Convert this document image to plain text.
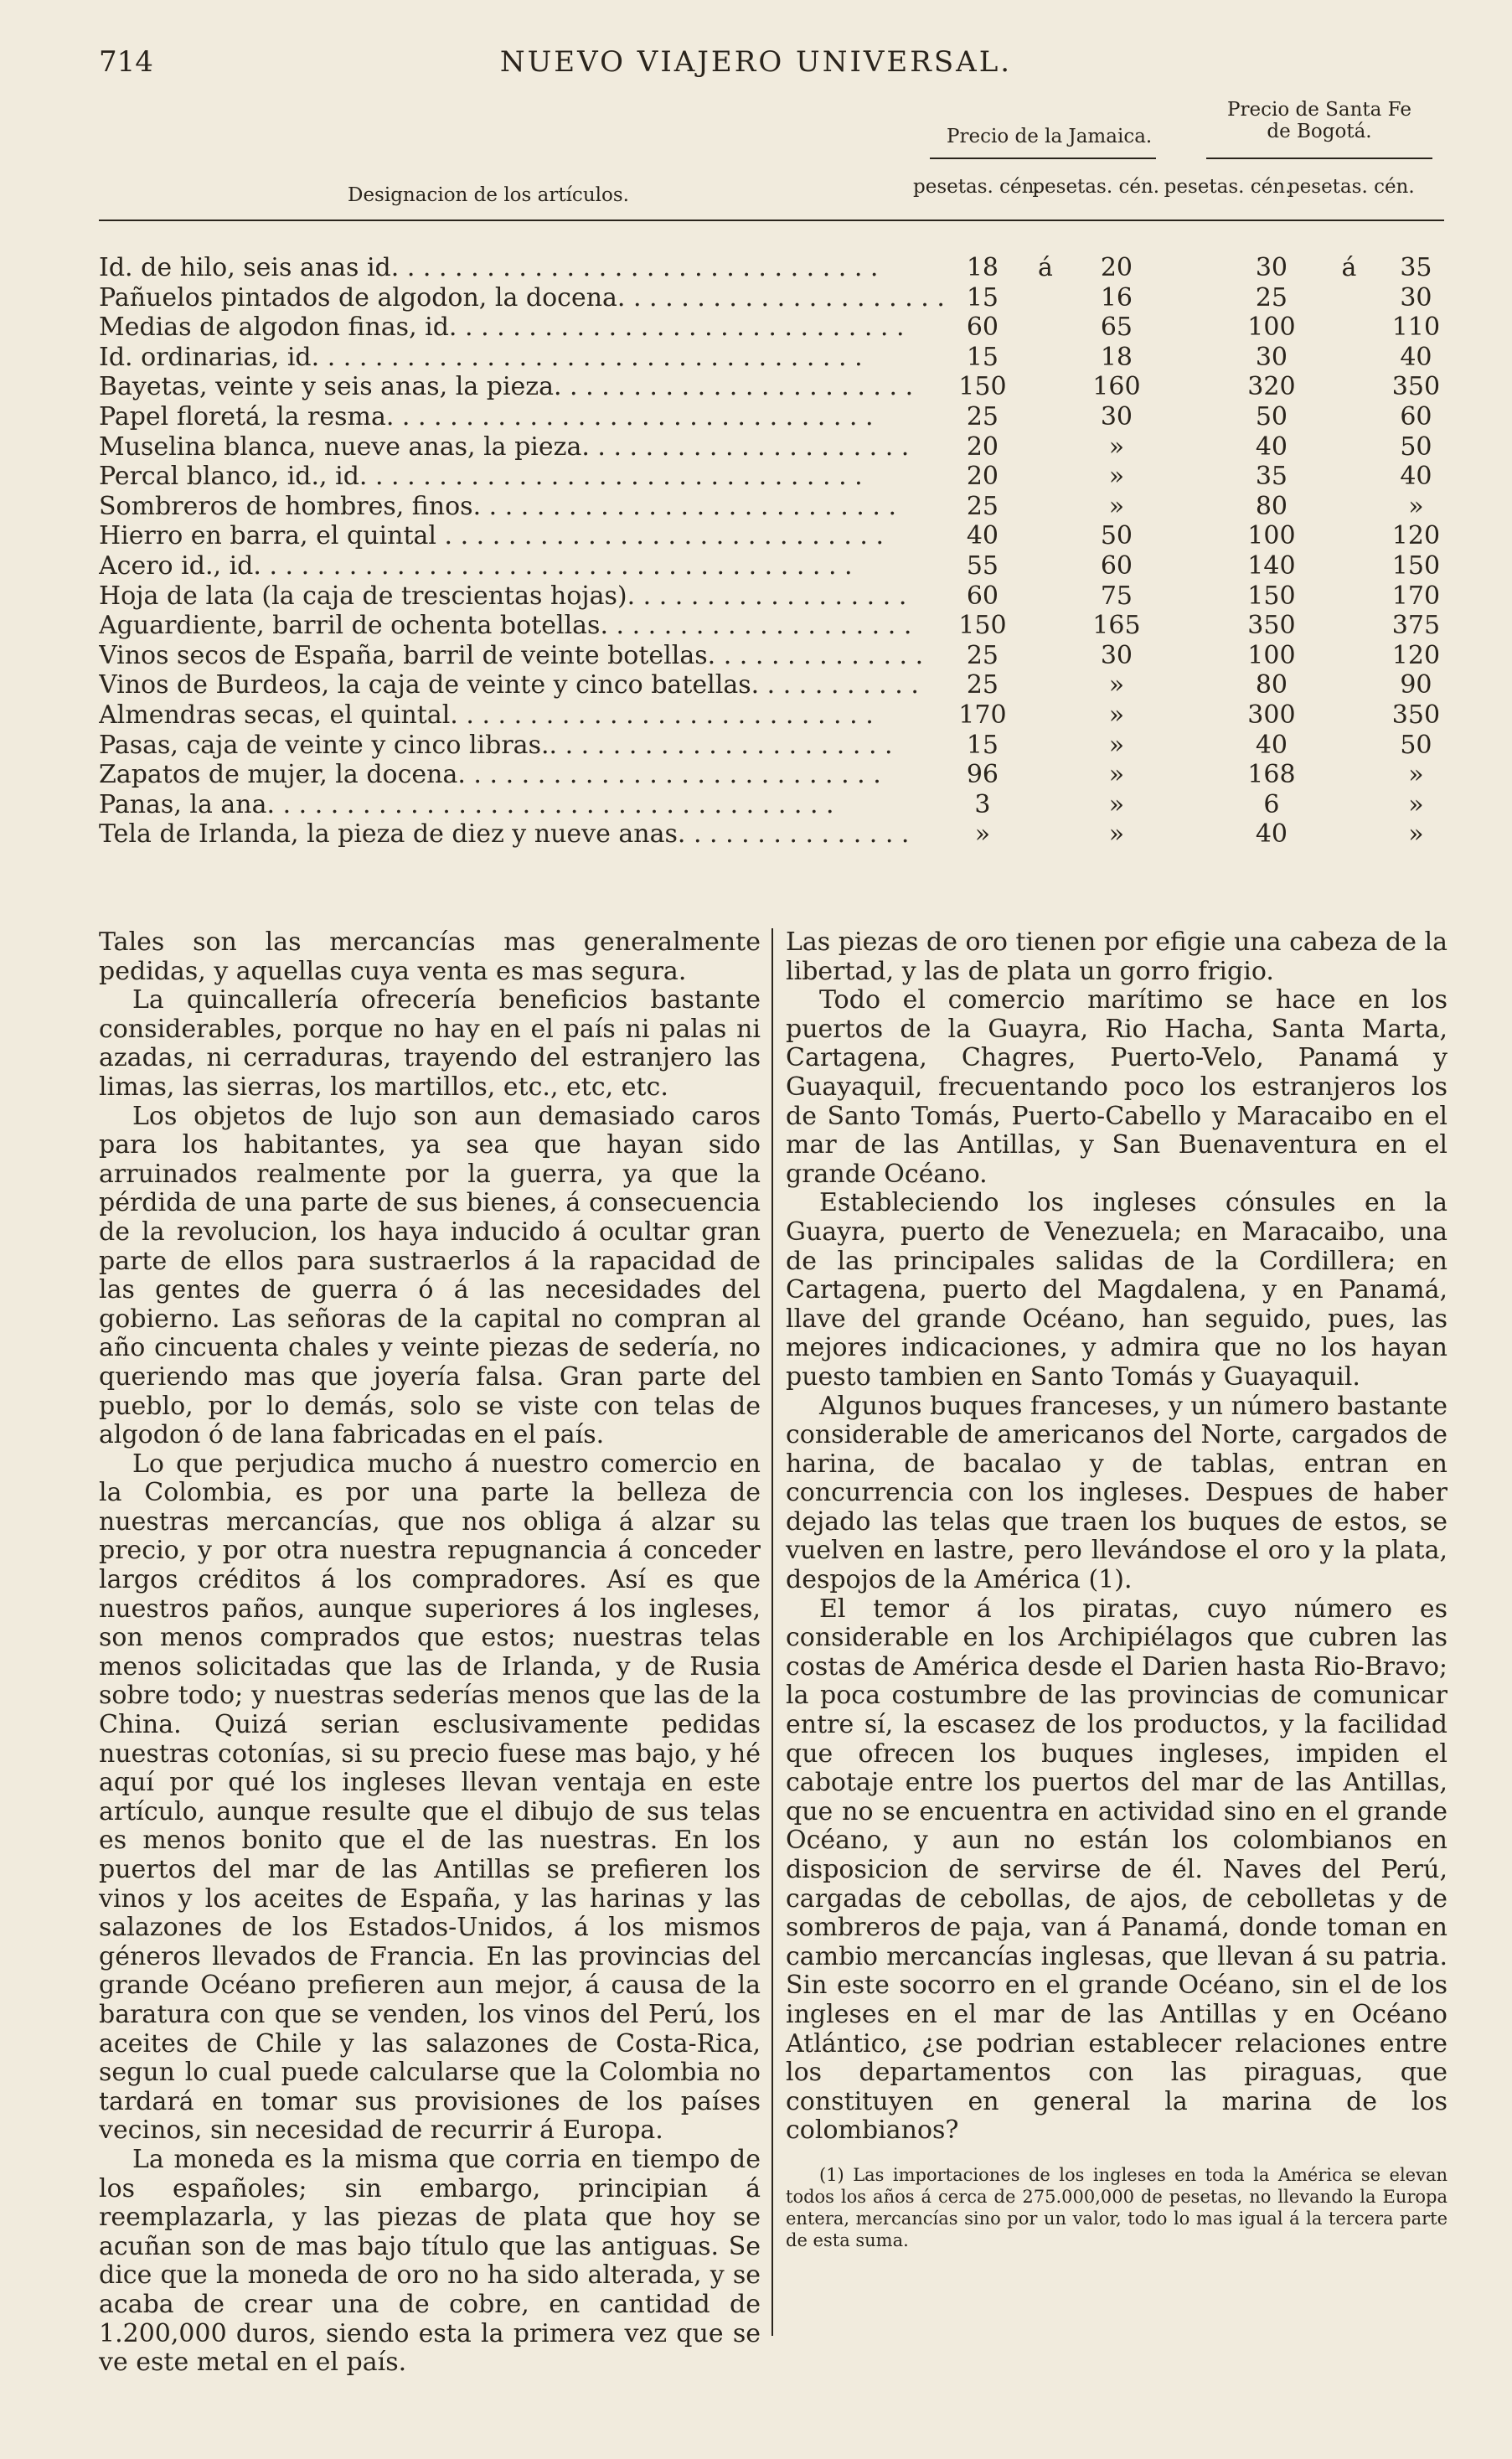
714	NUEVO VIAJERO UNIVERSAL.
Designacion de los artículos.
Precio de la Jamaica.
Precio de Santa Fe de Bogotá.
pesetas. cén. pesetas. cén. pesetas. cén. pesetas. cén.
Id. de hilo, seis anas id. . . . . . . . . . . . . . . . . . . . . . . . . . . . . . .	18	á	20		30	á	35
Pañuelos pintados de algodon, la docena. . . . . . . . . . . . . . . . . . . . .	15		16		25		30
Medias de algodon finas, id. . . . . . . . . . . . . . . . . . . . . . . . . . . . .	60		65		100		110
Id. ordinarias, id. . . . . . . . . . . . . . . . . . . . . . . . . . . . . . . . . . .	15		18		30		40
Bayetas, veinte y seis anas, la pieza. . . . . . . . . . . . . . . . . . . . . . .	150		160		320		350
Papel floretá, la resma. . . . . . . . . . . . . . . . . . . . . . . . . . . . . . .	25		30		50		60
Muselina blanca, nueve anas, la pieza. . . . . . . . . . . . . . . . . . . . .	20		»		40		50
Percal blanco, id., id. . . . . . . . . . . . . . . . . . . . . . . . . . . . . . . .	20		»		35		40
Sombreros de hombres, finos. . . . . . . . . . . . . . . . . . . . . . . . . . .	25		»		80		»
Hierro en barra, el quintal . . . . . . . . . . . . . . . . . . . . . . . . . . . .	40		50		100		120
Acero id., id. . . . . . . . . . . . . . . . . . . . . . . . . . . . . . . . . . . . . .	55		60		140		150
Hoja de lata (la caja de trescientas hojas). . . . . . . . . . . . . . . . . .	60		75		150		170
Aguardiente, barril de ochenta botellas. . . . . . . . . . . . . . . . . . . .	150		165		350		375
Vinos secos de España, barril de veinte botellas. . . . . . . . . . . . . .	25		30		100		120
Vinos de Burdeos, la caja de veinte y cinco batellas. . . . . . . . . . .	25		»		80		90
Almendras secas, el quintal. . . . . . . . . . . . . . . . . . . . . . . . . . .	170		»		300		350
Pasas, caja de veinte y cinco libras.. . . . . . . . . . . . . . . . . . . . . .	15		»		40		50
Zapatos de mujer, la docena. . . . . . . . . . . . . . . . . . . . . . . . . . .	96		»		168		»
Panas, la ana. . . . . . . . . . . . . . . . . . . . . . . . . . . . . . . . . . . .	3		»		6		»
Tela de Irlanda, la pieza de diez y nueve anas. . . . . . . . . . . . . . .	»		»		40		»

Tales son las mercancías mas generalmente pedidas, y aquellas cuya venta es mas segura.

La quincallería ofrecería beneficios bastante considerables, porque no hay en el país ni palas ni azadas, ni cerraduras, trayendo del estranjero las limas, las sierras, los martillos, etc., etc, etc.

Los objetos de lujo son aun demasiado caros para los habitantes, ya sea que hayan sido arruinados realmente por la guerra, ya que la pérdida de una parte de sus bienes, á consecuencia de la revolucion, los haya inducido á ocultar gran parte de ellos para sustraerlos á la rapacidad de las gentes de guerra ó á las necesidades del gobierno. Las señoras de la capital no compran al año cincuenta chales y veinte piezas de sedería, no queriendo mas que joyería falsa. Gran parte del pueblo, por lo demás, solo se viste con telas de algodon ó de lana fabricadas en el país.

Lo que perjudica mucho á nuestro comercio en la Colombia, es por una parte la belleza de nuestras mercancías, que nos obliga á alzar su precio, y por otra nuestra repugnancia á conceder largos créditos á los compradores. Así es que nuestros paños, aunque superiores á los ingleses, son menos comprados que estos; nuestras telas menos solicitadas que las de Irlanda, y de Rusia sobre todo; y nuestras sederías menos que las de la China. Quizá serian esclusivamente pedidas nuestras cotonías, si su precio fuese mas bajo, y hé aquí por qué los ingleses llevan ventaja en este artículo, aunque resulte que el dibujo de sus telas es menos bonito que el de las nuestras. En los puertos del mar de las Antillas se prefieren los vinos y los aceites de España, y las harinas y las salazones de los Estados-Unidos, á los mismos géneros llevados de Francia. En las provincias del grande Océano prefieren aun mejor, á causa de la baratura con que se venden, los vinos del Perú, los aceites de Chile y las salazones de Costa-Rica, segun lo cual puede calcularse que la Colombia no tardará en tomar sus provisiones de los países vecinos, sin necesidad de recurrir á Europa.

La moneda es la misma que corria en tiempo de los españoles; sin embargo, principian á reemplazarla, y las piezas de plata que hoy se acuñan son de mas bajo título que las antiguas. Se dice que la moneda de oro no ha sido alterada, y se acaba de crear una de cobre, en cantidad de 1.200,000 duros, siendo esta la primera vez que se ve este metal en el país.

Las piezas de oro tienen por efigie una cabeza de la libertad, y las de plata un gorro frigio.

Todo el comercio marítimo se hace en los puertos de la Guayra, Rio Hacha, Santa Marta, Cartagena, Chagres, Puerto-Velo, Panamá y Guayaquil, frecuentando poco los estranjeros los de Santo Tomás, Puerto-Cabello y Maracaibo en el mar de las Antillas, y San Buenaventura en el grande Océano.

Estableciendo los ingleses cónsules en la Guayra, puerto de Venezuela; en Maracaibo, una de las principales salidas de la Cordillera; en Cartagena, puerto del Magdalena, y en Panamá, llave del grande Océano, han seguido, pues, las mejores indicaciones, y admira que no los hayan puesto tambien en Santo Tomás y Guayaquil.

Algunos buques franceses, y un número bastante considerable de americanos del Norte, cargados de harina, de bacalao y de tablas, entran en concurrencia con los ingleses. Despues de haber dejado las telas que traen los buques de estos, se vuelven en lastre, pero llevándose el oro y la plata, despojos de la América (1).

El temor á los piratas, cuyo número es considerable en los Archipiélagos que cubren las costas de América desde el Darien hasta Rio-Bravo; la poca costumbre de las provincias de comunicar entre sí, la escasez de los productos, y la facilidad que ofrecen los buques ingleses, impiden el cabotaje entre los puertos del mar de las Antillas, que no se encuentra en actividad sino en el grande Océano, y aun no están los colombianos en disposicion de servirse de él. Naves del Perú, cargadas de cebollas, de ajos, de cebolletas y de sombreros de paja, van á Panamá, donde toman en cambio mercancías inglesas, que llevan á su patria. Sin este socorro en el grande Océano, sin el de los ingleses en el mar de las Antillas y en Océano Atlántico, ¿se podrian establecer relaciones entre los departamentos con las piraguas, que constituyen en general la marina de los colombianos?

(1) Las importaciones de los ingleses en toda la América se elevan todos los años á cerca de 275.000,000 de pesetas, no llevando la Europa entera, mercancías sino por un valor, todo lo mas igual á la tercera parte de esta suma.
